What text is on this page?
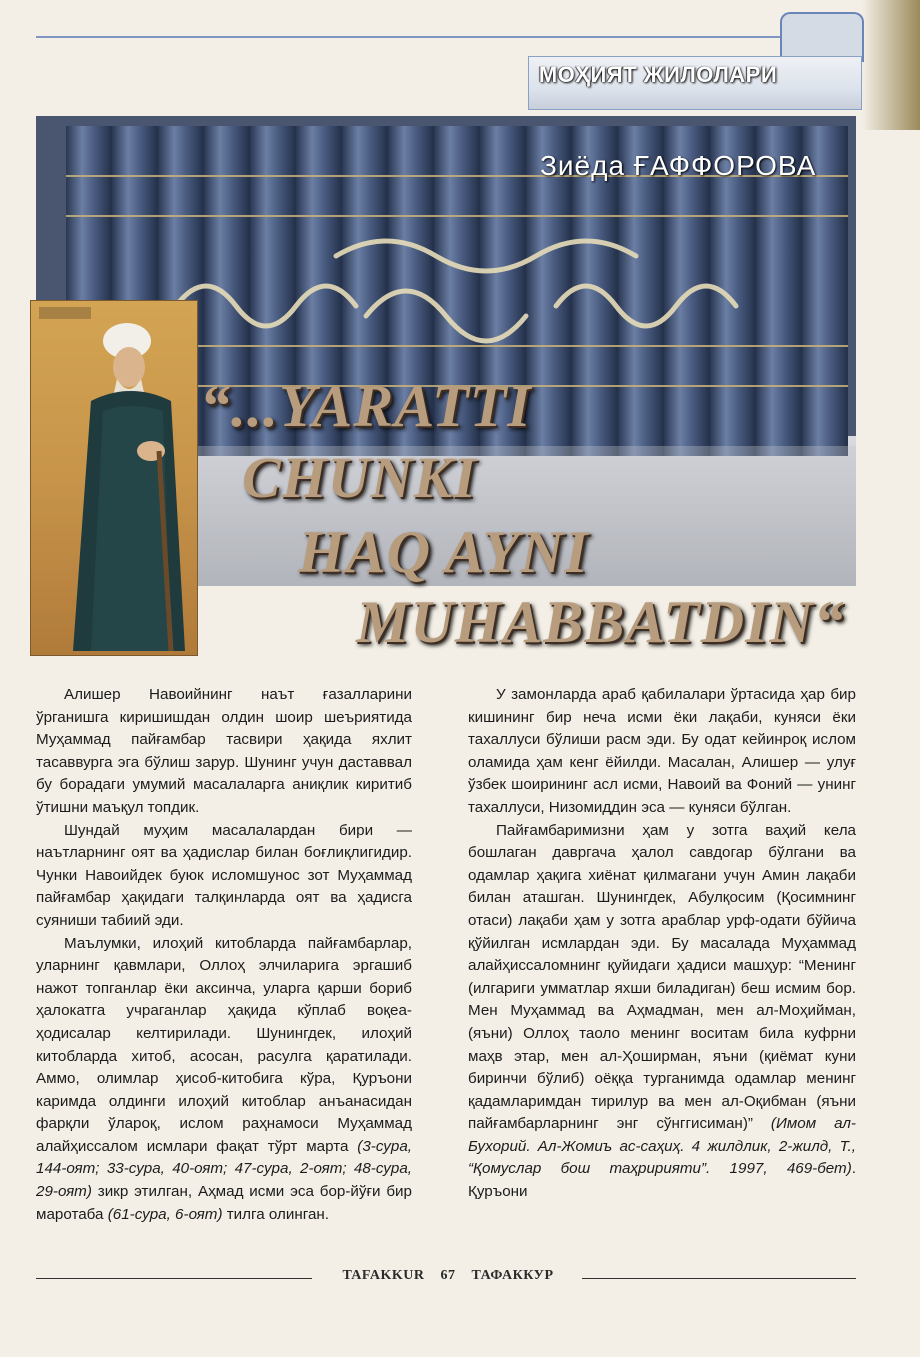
МОҲИЯТ ЖИЛОЛАРИ
Зиёда ҒАФФОРОВА
“...YARATTI
CHUNKI
HAQ AYNI
MUHABBATDIN“

Алишер Навоийнинг наът ғазалларини ўрганишга киришишдан олдин шоир шеъриятида Муҳаммад пайғамбар тасвири ҳақида яхлит тасаввурга эга бўлиш зарур. Шунинг учун даставвал бу борадаги умумий масалаларга аниқлик киритиб ўтишни маъқул топдик.

Шундай муҳим масалалардан бири — наътларнинг оят ва ҳадислар билан боғлиқлигидир. Чунки Навоийдек буюк исломшунос зот Муҳаммад пайғамбар ҳақидаги талқинларда оят ва ҳадисга суяниши табиий эди.

Маълумки, илоҳий китобларда пайғамбарлар, уларнинг қавмлари, Оллоҳ элчиларига эргашиб нажот топганлар ёки аксинча, уларга қарши бориб ҳалокатга учраганлар ҳақида кўплаб воқеа-ҳодисалар келтирилади. Шунингдек, илоҳий китобларда хитоб, асосан, расулга қаратилади. Аммо, олимлар ҳисоб-китобига кўра, Қуръони каримда олдинги илоҳий китоблар анъанасидан фарқли ўлароқ, ислом раҳнамоси Муҳаммад алайҳиссалом исмлари фақат тўрт марта (3-сура, 144-оят; 33-сура, 40-оят; 47-сура, 2-оят; 48-сура, 29-оят) зикр этилган, Аҳмад исми эса бор-йўғи бир маротаба (61-сура, 6-оят) тилга олинган.

У замонларда араб қабилалари ўртасида ҳар бир кишининг бир неча исми ёки лақаби, куняси ёки тахаллуси бўлиши расм эди. Бу одат кейинроқ ислом оламида ҳам кенг ёйилди. Масалан, Алишер — улуғ ўзбек шоирининг асл исми, Навоий ва Фоний — унинг тахаллуси, Низомиддин эса — куняси бўлган.

Пайғамбаримизни ҳам у зотга ваҳий кела бошлаган давргача ҳалол савдогар бўлгани ва одамлар ҳақига хиёнат қилмагани учун Амин лақаби билан аташган. Шунингдек, Абулқосим (Қосимнинг отаси) лақаби ҳам у зотга араблар урф-одати бўйича қўйилган исмлардан эди. Бу масалада Муҳаммад алайҳиссаломнинг қуйидаги ҳадиси машҳур: “Менинг (илгариги умматлар яхши биладиган) беш исмим бор. Мен Муҳаммад ва Аҳмадман, мен ал-Моҳийман, (яъни) Оллоҳ таоло менинг воситам била куфрни маҳв этар, мен ал-Ҳоширман, яъни (қиёмат куни биринчи бўлиб) оёққа турганимда одамлар менинг қадамларимдан тирилур ва мен ал-Оқибман (яъни пайғамбарларнинг энг сўнггисиман)” (Имом ал-Бухорий. Ал-Жомиъ ас-саҳиҳ. 4 жилдлик, 2-жилд, Т., “Қомуслар бош таҳририяти”. 1997, 469-бет). Қуръони

TAFAKKUR 67 ТАФАККУР
